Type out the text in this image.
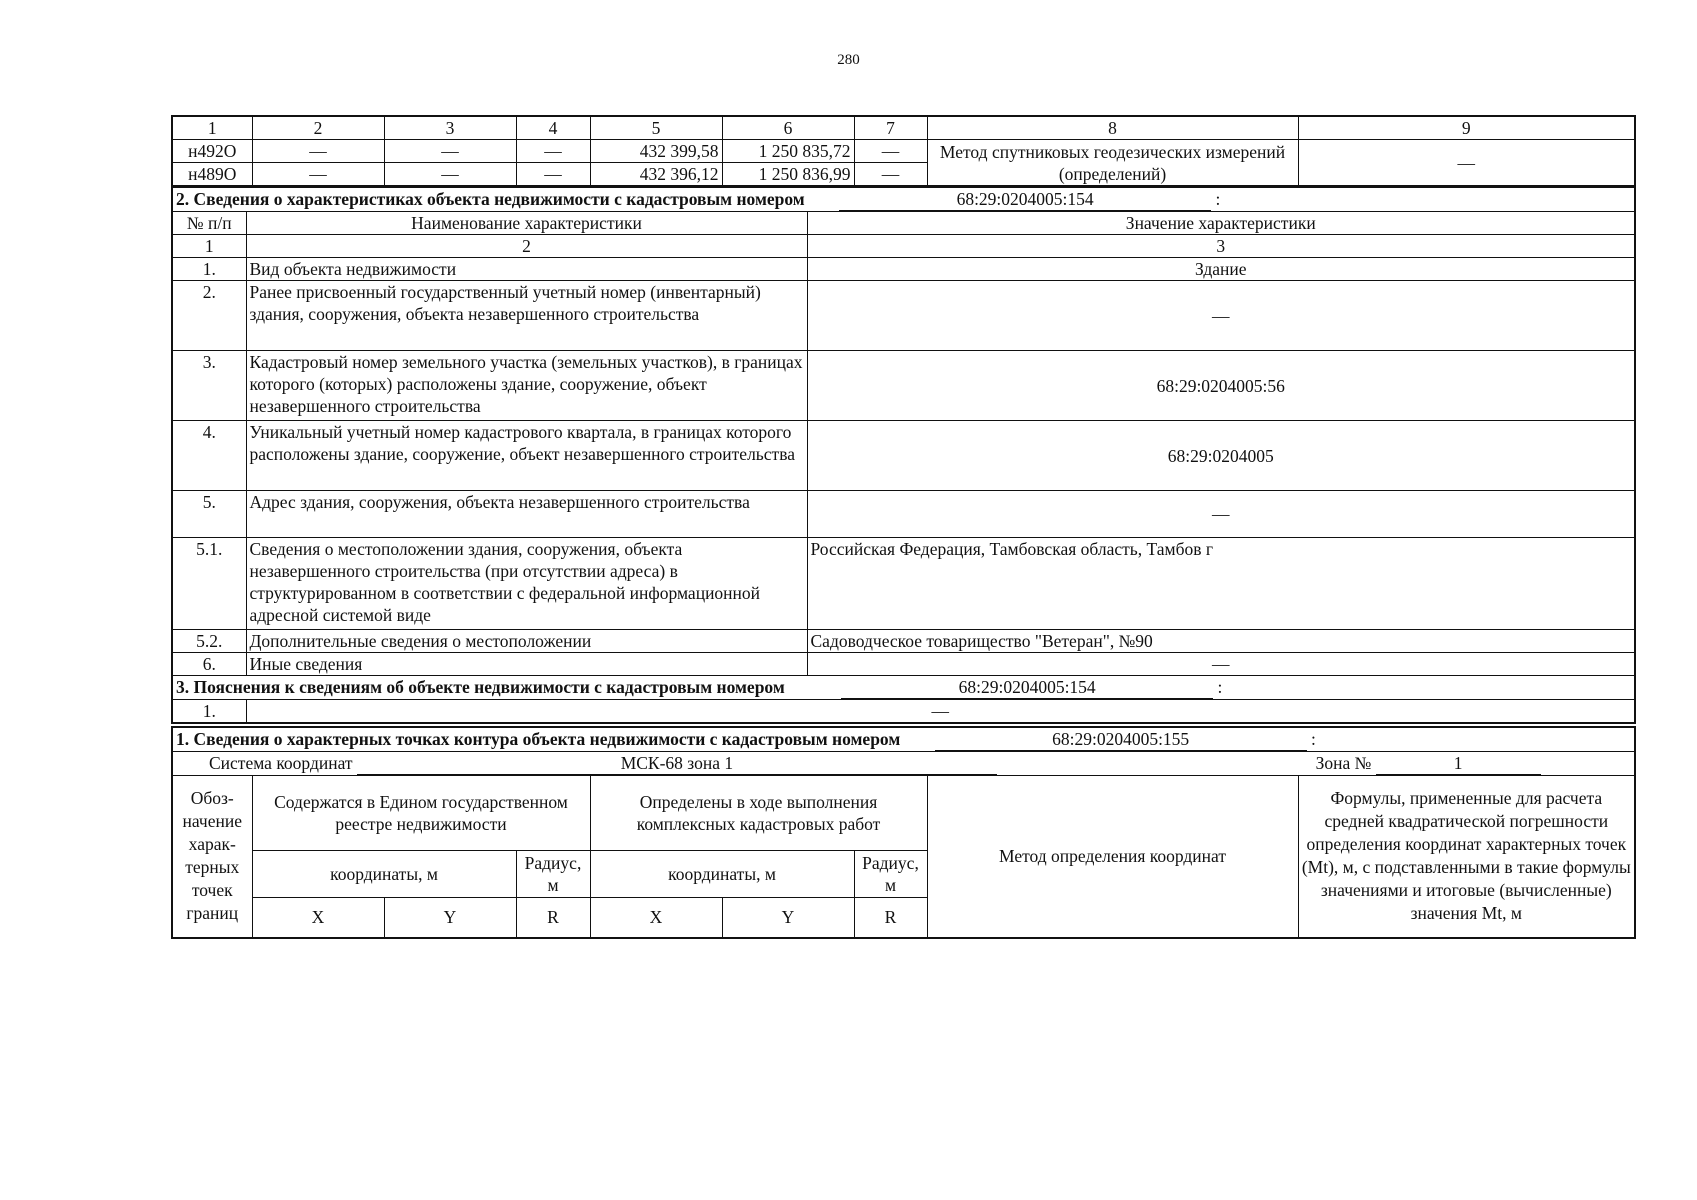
280
1	2	3	4	5	6	7	8	9
н492О	—	—	—	432 399,58	1 250 835,72	—	Метод спутниковых геодезических измерений (определений)	—
н489О	—	—	—	432 396,12	1 250 836,99	—		
2. Сведения о характеристиках объекта недвижимости с кадастровым номером 68:29:0204005:154 :		
№ п/п	Наименование характеристики	Значение характеристики
1	2	3
1.	Вид объекта недвижимости	Здание
2.	Ранее присвоенный государственный учетный номер (инвентарный) здания, сооружения, объекта незавершенного строительства	—
3.	Кадастровый номер земельного участка (земельных участков), в границах которого (которых) расположены здание, сооружение, объект незавершенного строительства	68:29:0204005:56
4.	Уникальный учетный номер кадастрового квартала, в границах которого расположены здание, сооружение, объект незавершенного строительства	68:29:0204005
5.	Адрес здания, сооружения, объекта незавершенного строительства	—
5.1.	Сведения о местоположении здания, сооружения, объекта незавершенного строительства (при отсутствии адреса) в структурированном в соответствии с федеральной информационной адресной системой виде	Российская Федерация, Тамбовская область, Тамбов г
5.2.	Дополнительные сведения о местоположении	Садоводческое товарищество "Ветеран", №90
6.	Иные сведения	—
3. Пояснения к сведениям об объекте недвижимости с кадастровым номером 68:29:0204005:154 :		
1.	—	
1. Сведения о характерных точках контура объекта недвижимости с кадастровым номером 68:29:0204005:155 :								
Система координат МСК-68 зона 1 Зона № 1								
Обоз-начение харак-терных точек границ	Содержатся в Едином государственном реестре недвижимости			Определены в ходе выполнения комплексных кадастровых работ			Метод определения координат	Формулы, примененные для расчета средней квадратической погрешности определения координат характерных точек (Mt), м, с подставленными в такие формулы значениями и итоговые (вычисленные) значения Mt, м
	координаты, м		Радиус, м	координаты, м		Радиус, м		
	X	Y	R	X	Y	R		
